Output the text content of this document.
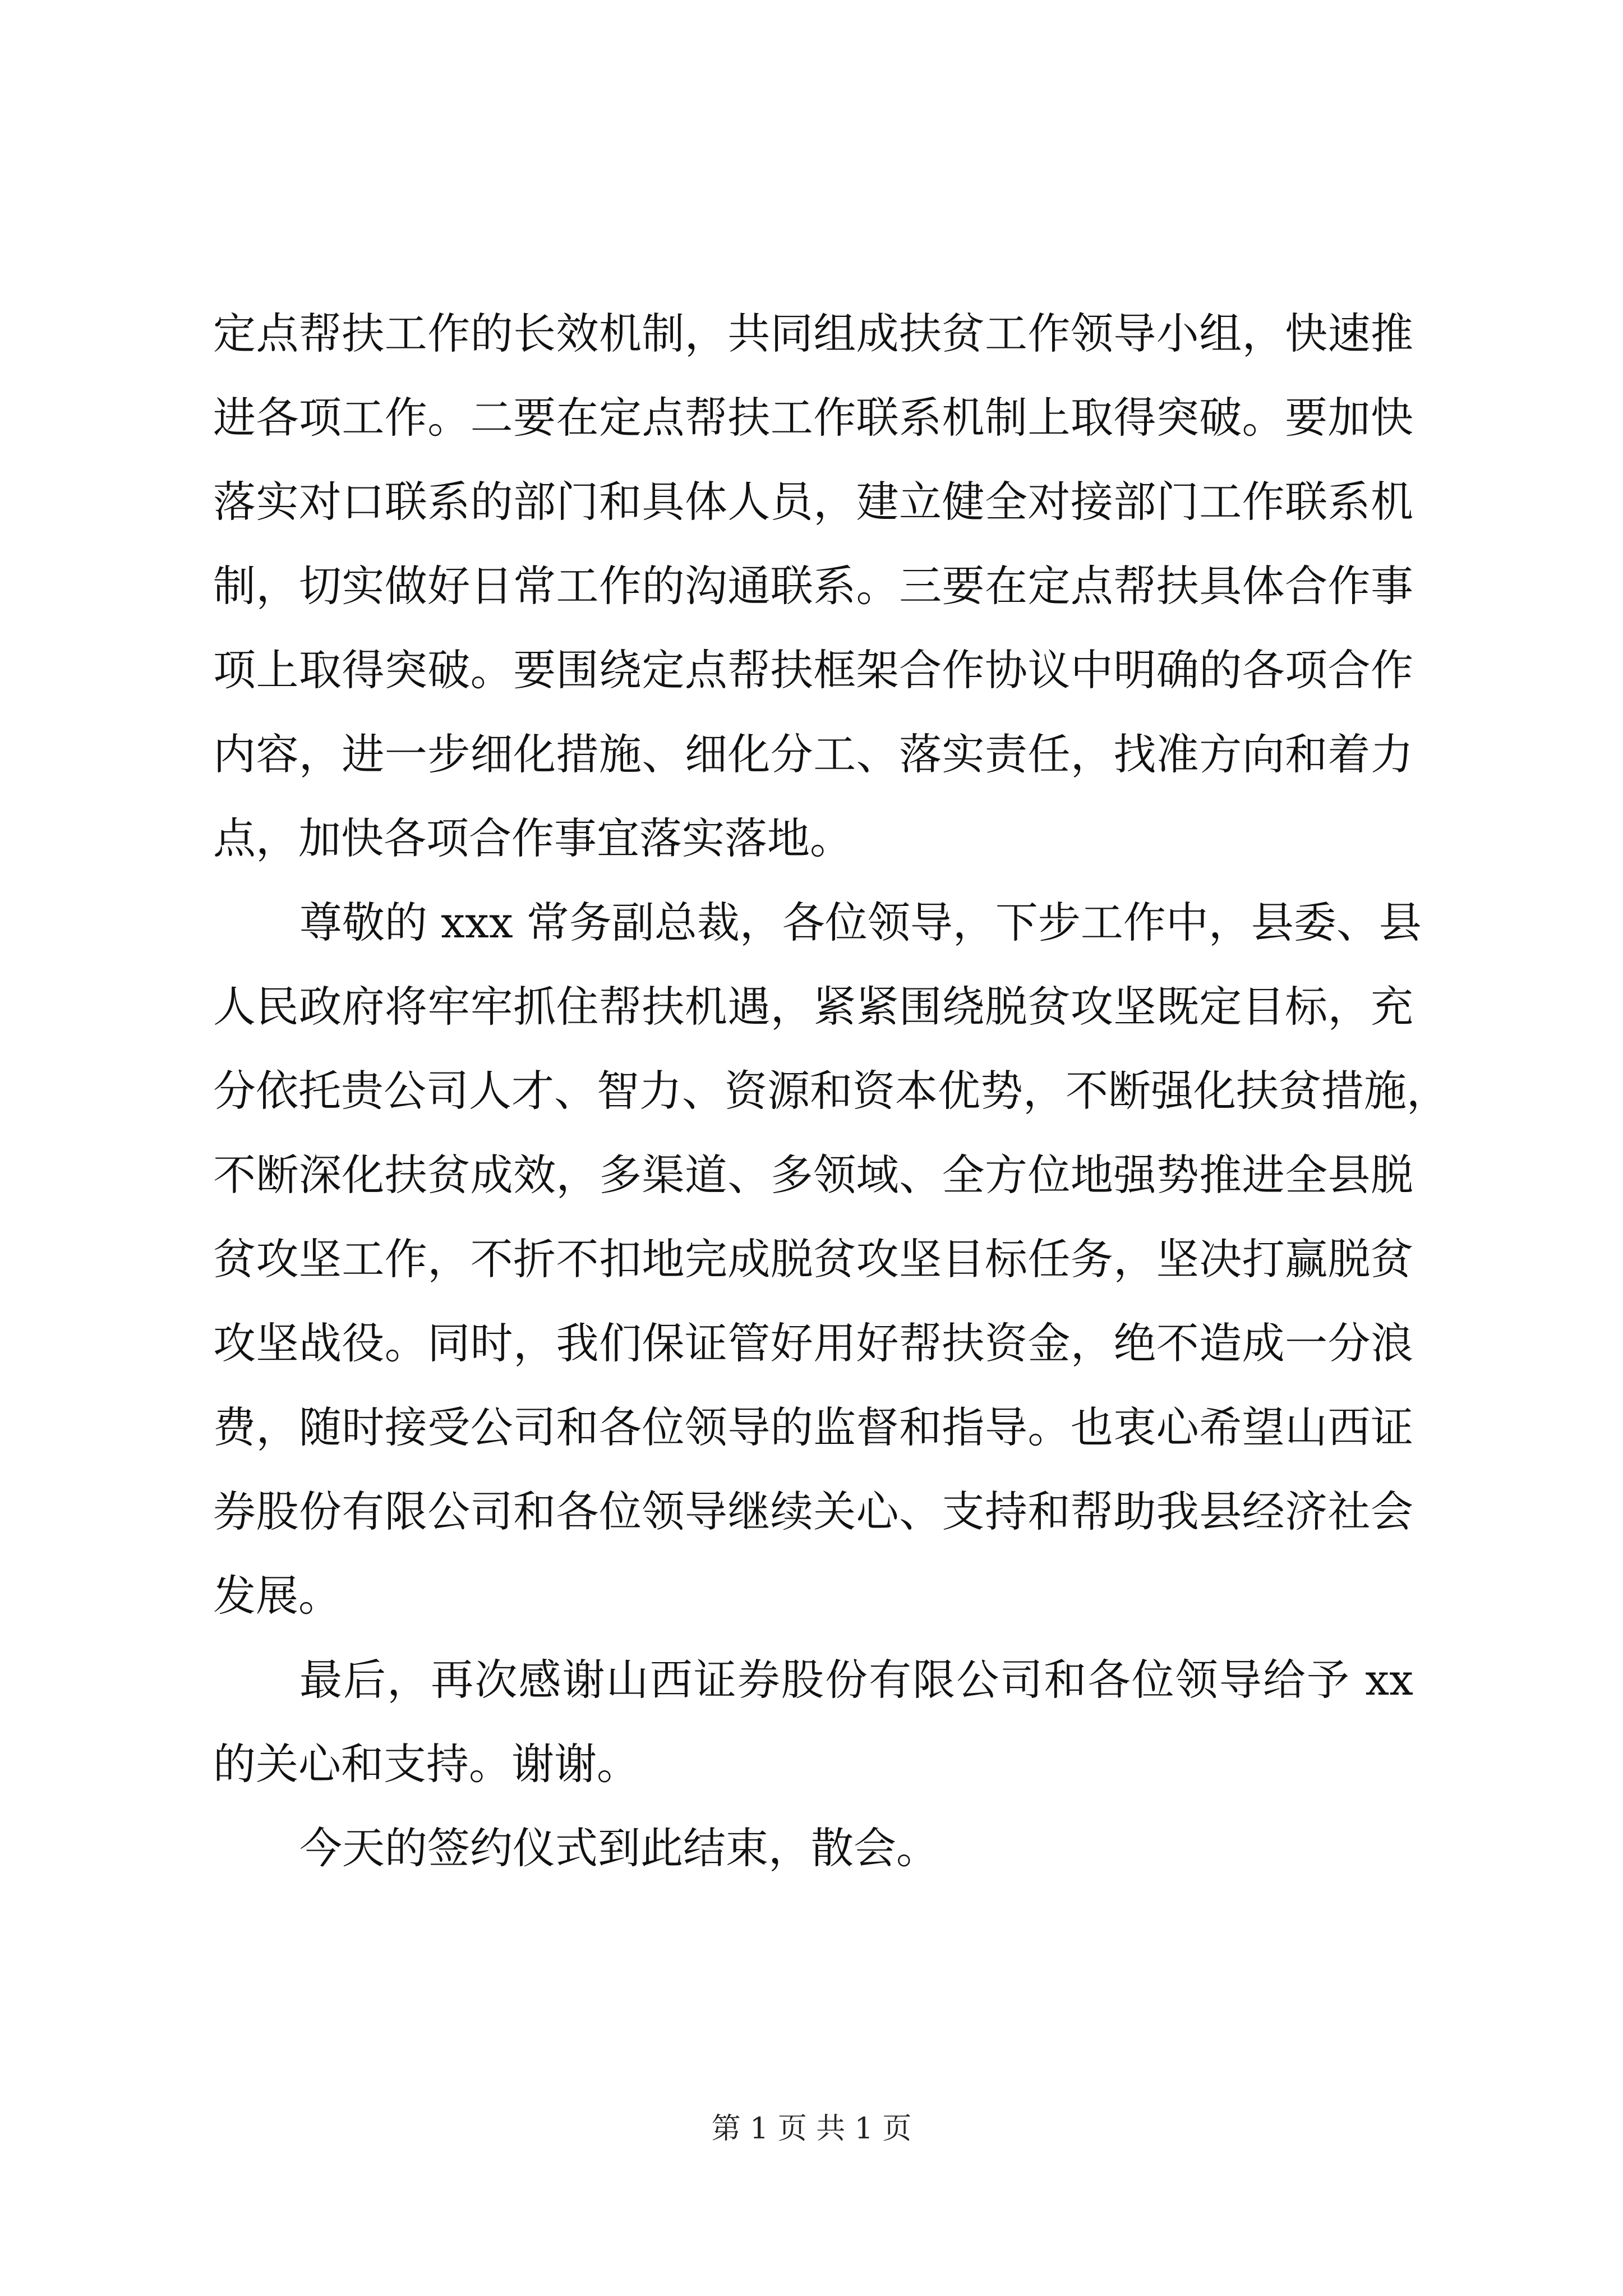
定点帮扶工作的长效机制，共同组成扶贫工作领导小组，快速推
进各项工作。二要在定点帮扶工作联系机制上取得突破。要加快
落实对口联系的部门和具体人员，建立健全对接部门工作联系机
制，切实做好日常工作的沟通联系。三要在定点帮扶具体合作事
项上取得突破。要围绕定点帮扶框架合作协议中明确的各项合作
内容，进一步细化措施、细化分工、落实责任，找准方向和着力
点，加快各项合作事宜落实落地。
尊敬的 xxx 常务副总裁，各位领导，下步工作中，县委、县
人民政府将牢牢抓住帮扶机遇，紧紧围绕脱贫攻坚既定目标，充
分依托贵公司人才、智力、资源和资本优势，不断强化扶贫措施，
不断深化扶贫成效，多渠道、多领域、全方位地强势推进全县脱
贫攻坚工作，不折不扣地完成脱贫攻坚目标任务，坚决打赢脱贫
攻坚战役。同时，我们保证管好用好帮扶资金，绝不造成一分浪
费，随时接受公司和各位领导的监督和指导。也衷心希望山西证
券股份有限公司和各位领导继续关心、支持和帮助我县经济社会
发展。
最后，再次感谢山西证券股份有限公司和各位领导给予 xx
的关心和支持。谢谢。
今天的签约仪式到此结束，散会。
第 1 页 共 1 页
